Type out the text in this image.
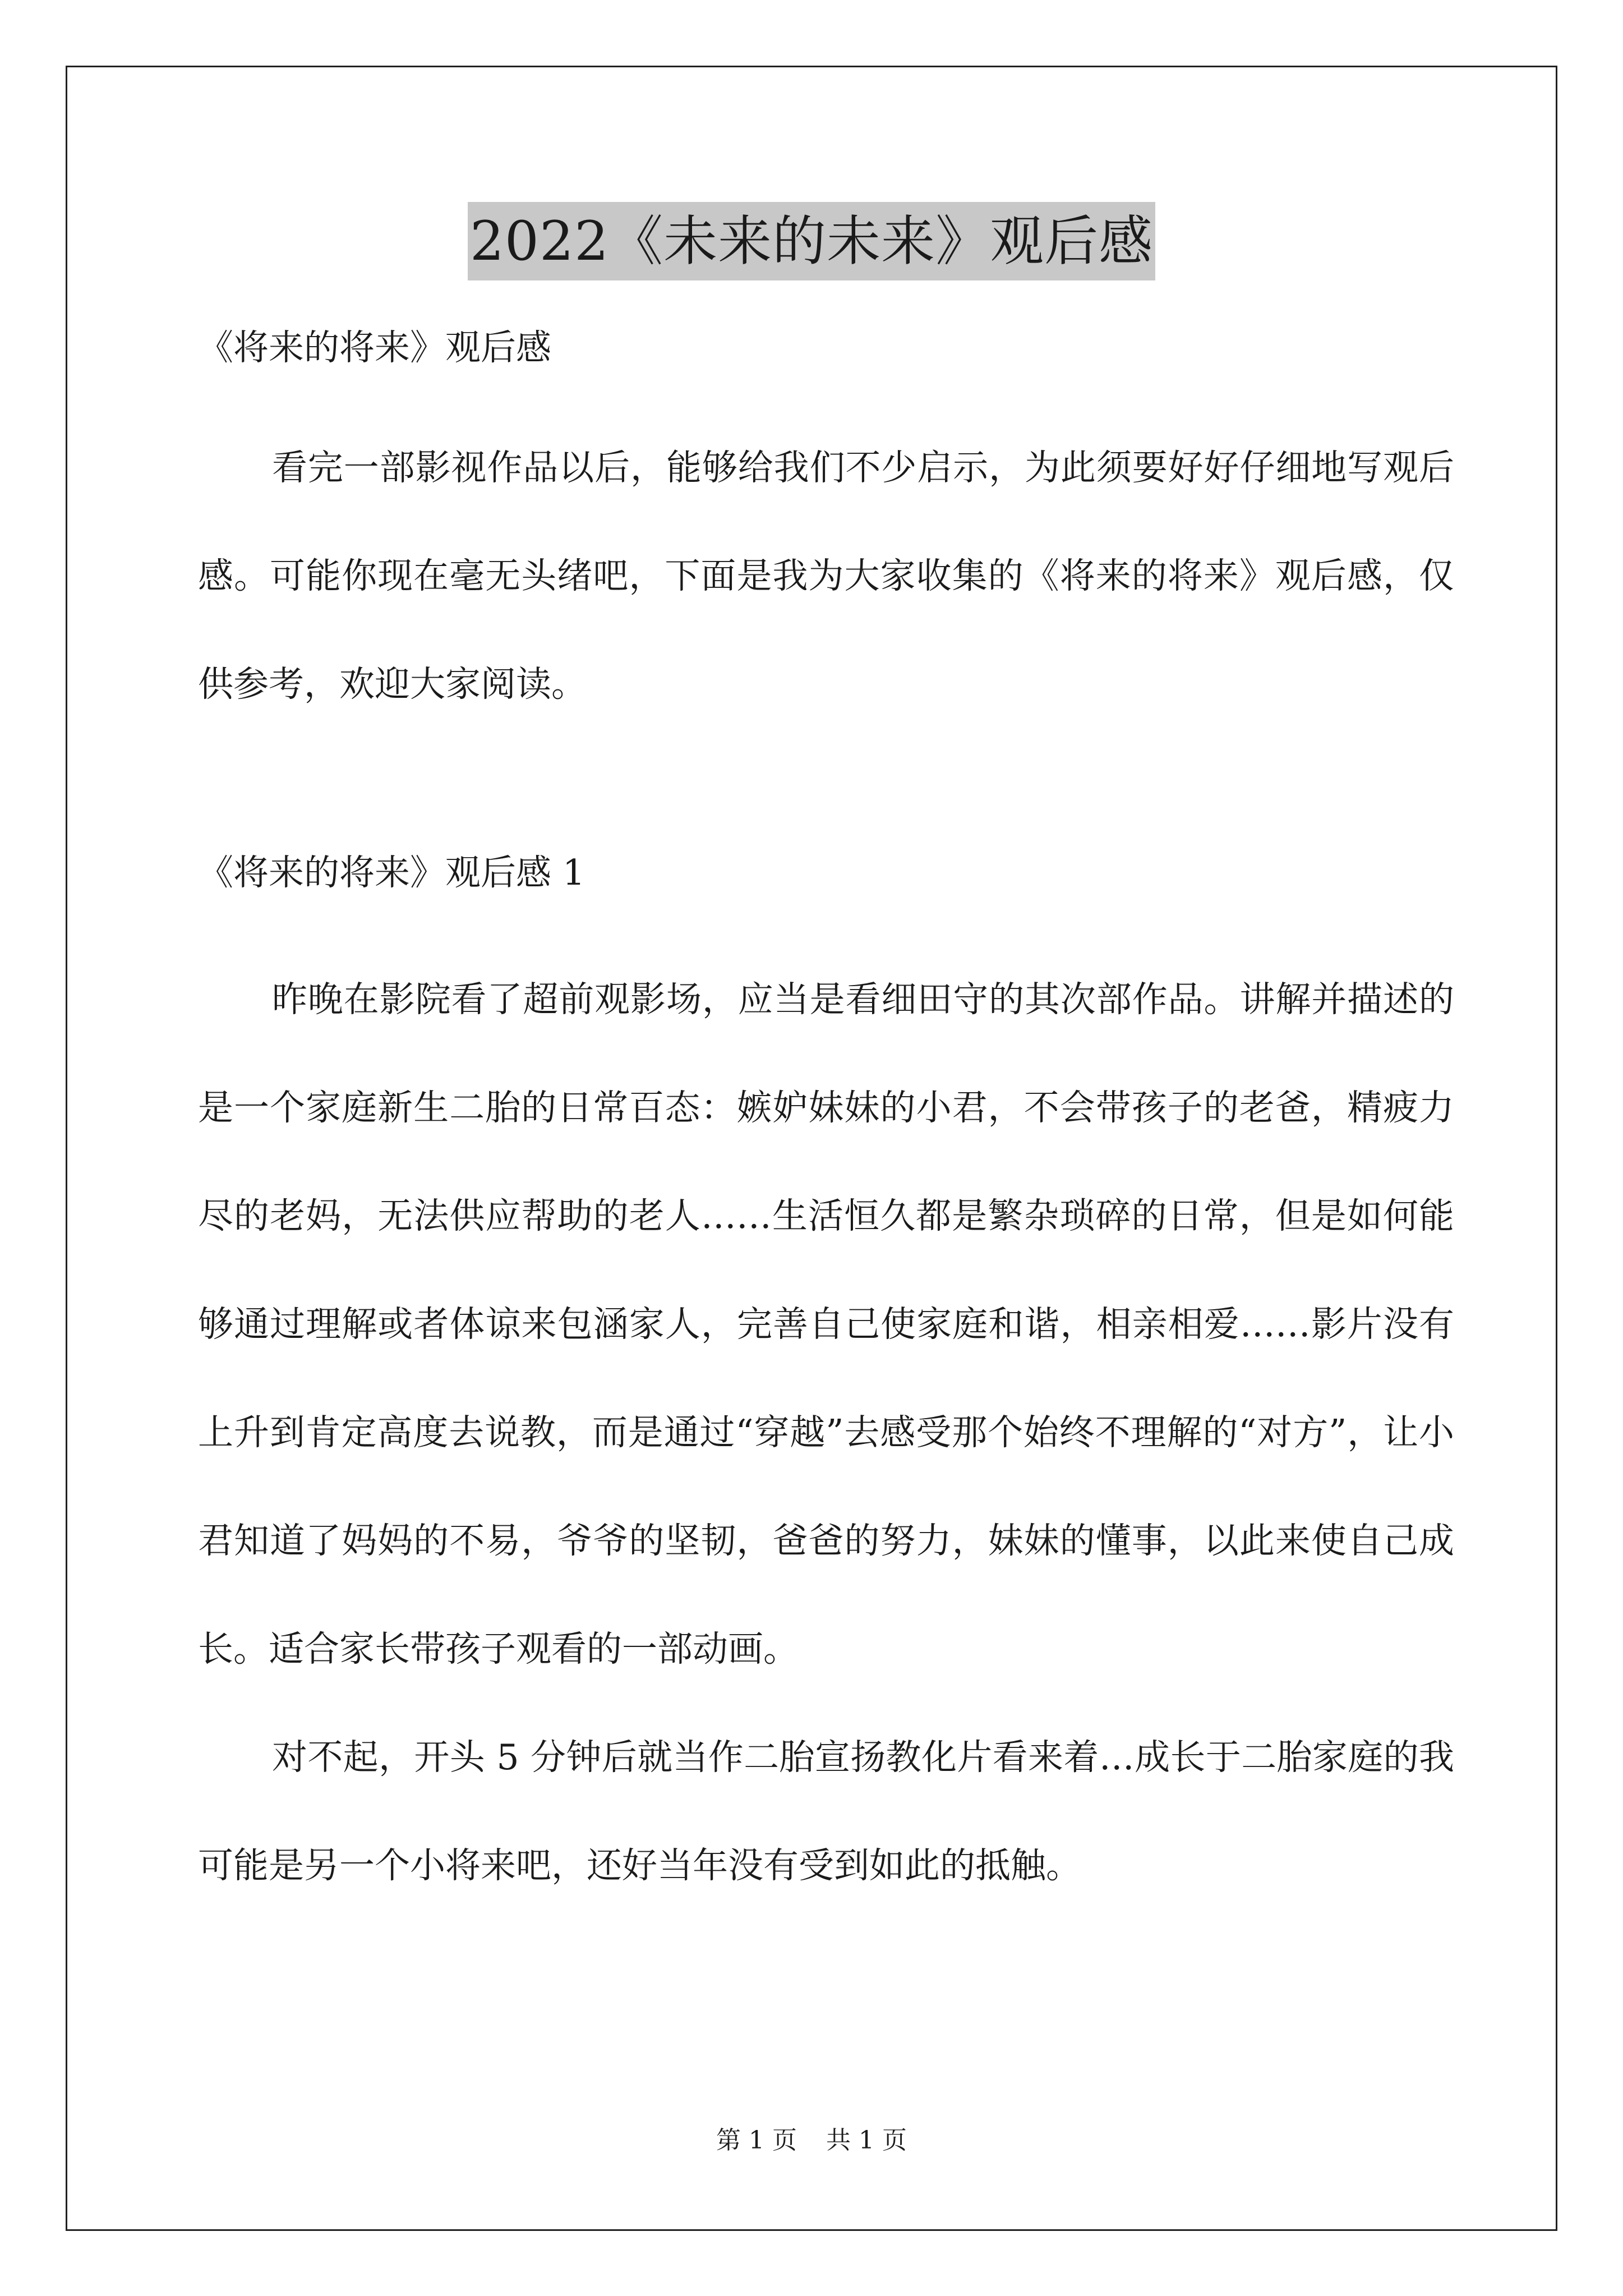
2022《未来的未来》观后感
《将来的将来》观后感

看完一部影视作品以后，能够给我们不少启示，为此须要好好仔细地写观后感。可能你现在毫无头绪吧，下面是我为大家收集的《将来的将来》观后感，仅供参考，欢迎大家阅读。

《将来的将来》观后感 1

昨晚在影院看了超前观影场，应当是看细田守的其次部作品。讲解并描述的是一个家庭新生二胎的日常百态：嫉妒妹妹的小君，不会带孩子的老爸，精疲力尽的老妈，无法供应帮助的老人……生活恒久都是繁杂琐碎的日常，但是如何能够通过理解或者体谅来包涵家人，完善自己使家庭和谐，相亲相爱……影片没有上升到肯定高度去说教，而是通过“穿越”去感受那个始终不理解的“对方”，让小君知道了妈妈的不易，爷爷的坚韧，爸爸的努力，妹妹的懂事，以此来使自己成长。适合家长带孩子观看的一部动画。

对不起，开头 5 分钟后就当作二胎宣扬教化片看来着…成长于二胎家庭的我可能是另一个小将来吧，还好当年没有受到如此的抵触。

第 1 页 共 1 页
